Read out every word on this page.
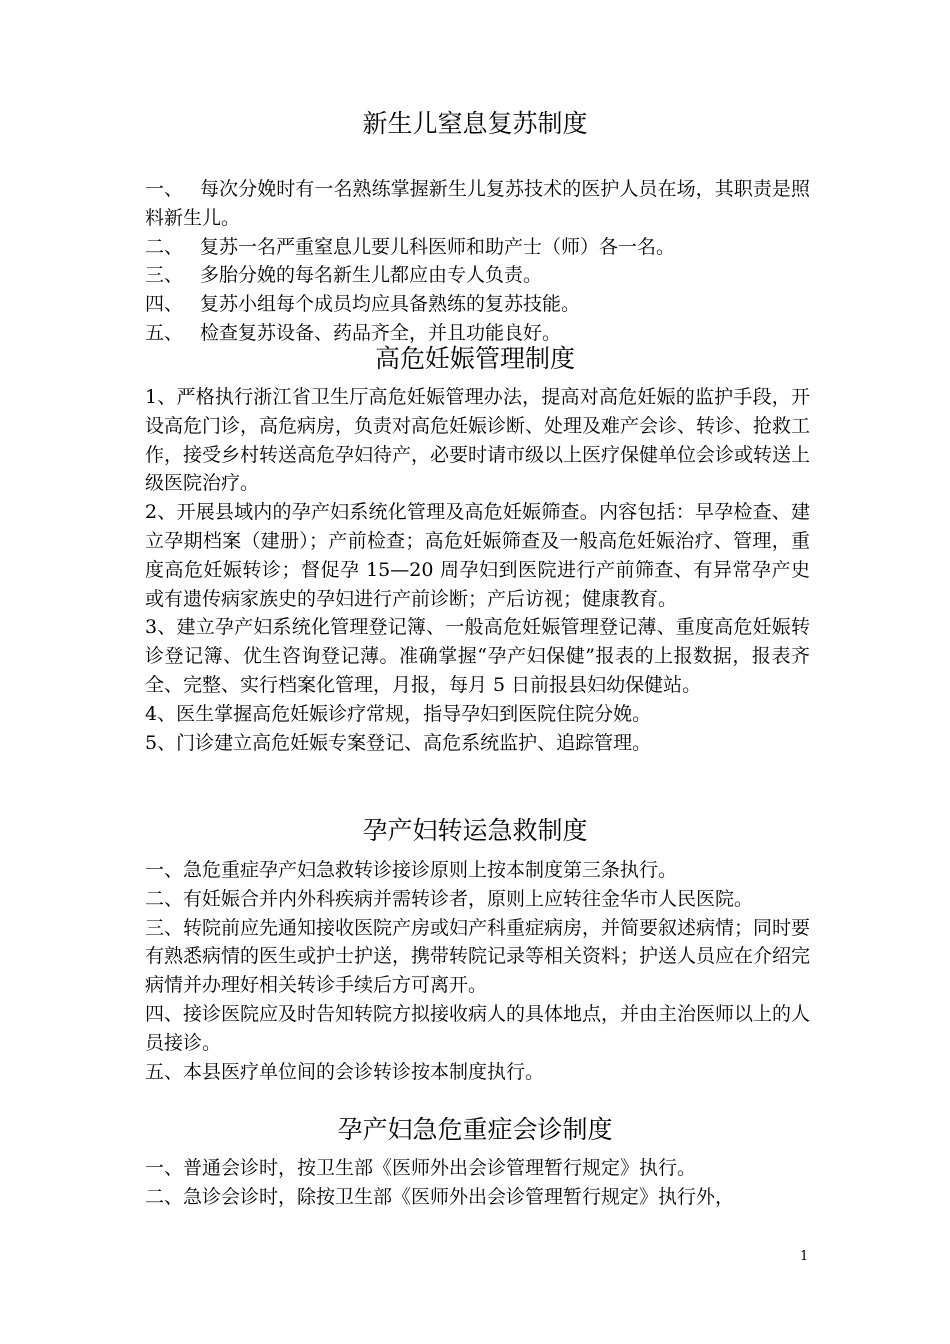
新生儿窒息复苏制度

一、 每次分娩时有一名熟练掌握新生儿复苏技术的医护人员在场，其职责是照料新生儿。

二、 复苏一名严重窒息儿要儿科医师和助产士（师）各一名。

三、 多胎分娩的每名新生儿都应由专人负责。

四、 复苏小组每个成员均应具备熟练的复苏技能。

五、 检查复苏设备、药品齐全，并且功能良好。

高危妊娠管理制度

1、严格执行浙江省卫生厅高危妊娠管理办法，提高对高危妊娠的监护手段，开设高危门诊，高危病房，负责对高危妊娠诊断、处理及难产会诊、转诊、抢救工作，接受乡村转送高危孕妇待产，必要时请市级以上医疗保健单位会诊或转送上级医院治疗。

2、开展县域内的孕产妇系统化管理及高危妊娠筛查。内容包括：早孕检查、建立孕期档案（建册）；产前检查；高危妊娠筛查及一般高危妊娠治疗、管理，重度高危妊娠转诊；督促孕 15—20 周孕妇到医院进行产前筛查、有异常孕产史或有遗传病家族史的孕妇进行产前诊断；产后访视；健康教育。

3、建立孕产妇系统化管理登记簿、一般高危妊娠管理登记薄、重度高危妊娠转诊登记簿、优生咨询登记薄。准确掌握“孕产妇保健”报表的上报数据，报表齐全、完整、实行档案化管理，月报，每月 5 日前报县妇幼保健站。

4、医生掌握高危妊娠诊疗常规，指导孕妇到医院住院分娩。

5、门诊建立高危妊娠专案登记、高危系统监护、追踪管理。

孕产妇转运急救制度

一、急危重症孕产妇急救转诊接诊原则上按本制度第三条执行。

二、有妊娠合并内外科疾病并需转诊者，原则上应转往金华市人民医院。

三、转院前应先通知接收医院产房或妇产科重症病房，并简要叙述病情；同时要有熟悉病情的医生或护士护送，携带转院记录等相关资料；护送人员应在介绍完病情并办理好相关转诊手续后方可离开。

四、接诊医院应及时告知转院方拟接收病人的具体地点，并由主治医师以上的人员接诊。

五、本县医疗单位间的会诊转诊按本制度执行。

孕产妇急危重症会诊制度

一、普通会诊时，按卫生部《医师外出会诊管理暂行规定》执行。

二、急诊会诊时，除按卫生部《医师外出会诊管理暂行规定》执行外，

1
